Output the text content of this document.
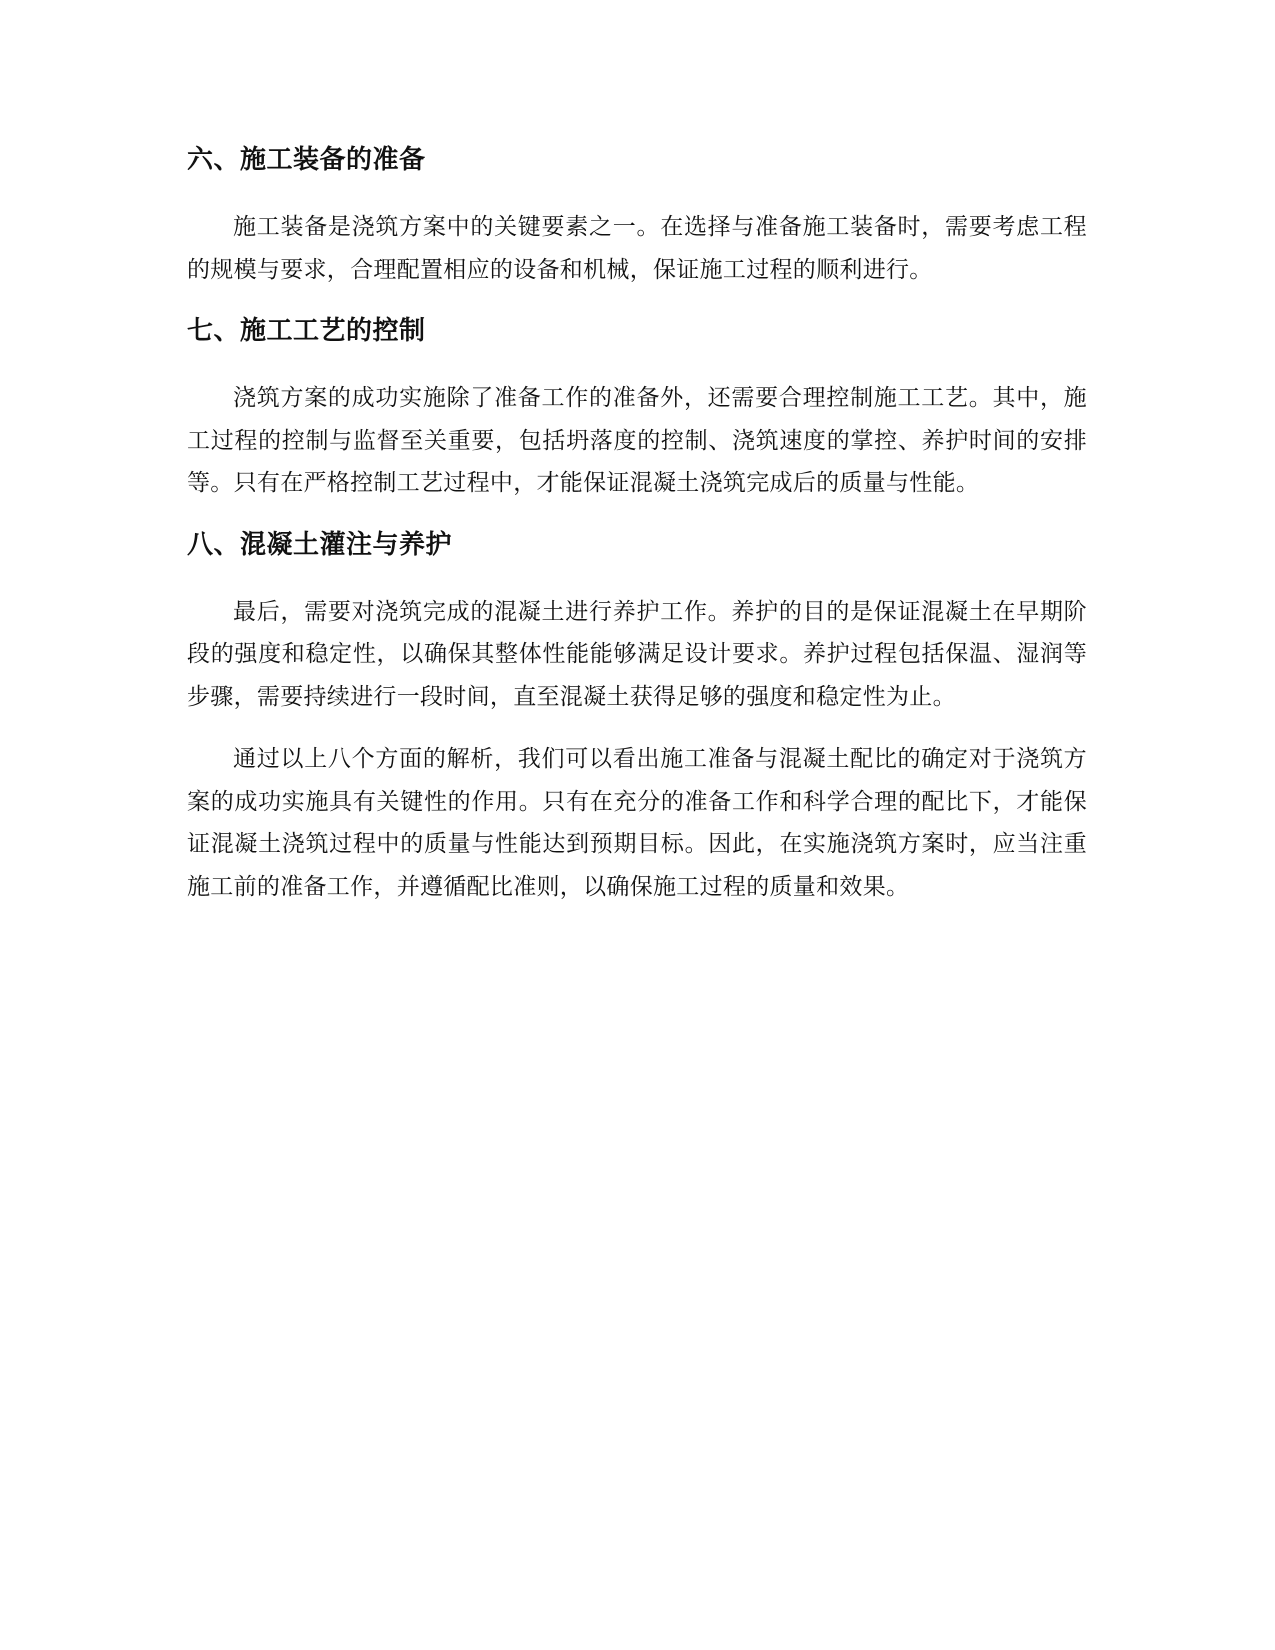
六、施工装备的准备

施工装备是浇筑方案中的关键要素之一。在选择与准备施工装备时，需要考虑工程的规模与要求，合理配置相应的设备和机械，保证施工过程的顺利进行。

七、施工工艺的控制

浇筑方案的成功实施除了准备工作的准备外，还需要合理控制施工工艺。其中，施工过程的控制与监督至关重要，包括坍落度的控制、浇筑速度的掌控、养护时间的安排等。只有在严格控制工艺过程中，才能保证混凝土浇筑完成后的质量与性能。

八、混凝土灌注与养护

最后，需要对浇筑完成的混凝土进行养护工作。养护的目的是保证混凝土在早期阶段的强度和稳定性，以确保其整体性能能够满足设计要求。养护过程包括保温、湿润等步骤，需要持续进行一段时间，直至混凝土获得足够的强度和稳定性为止。

通过以上八个方面的解析，我们可以看出施工准备与混凝土配比的确定对于浇筑方案的成功实施具有关键性的作用。只有在充分的准备工作和科学合理的配比下，才能保证混凝土浇筑过程中的质量与性能达到预期目标。因此，在实施浇筑方案时，应当注重施工前的准备工作，并遵循配比准则，以确保施工过程的质量和效果。
